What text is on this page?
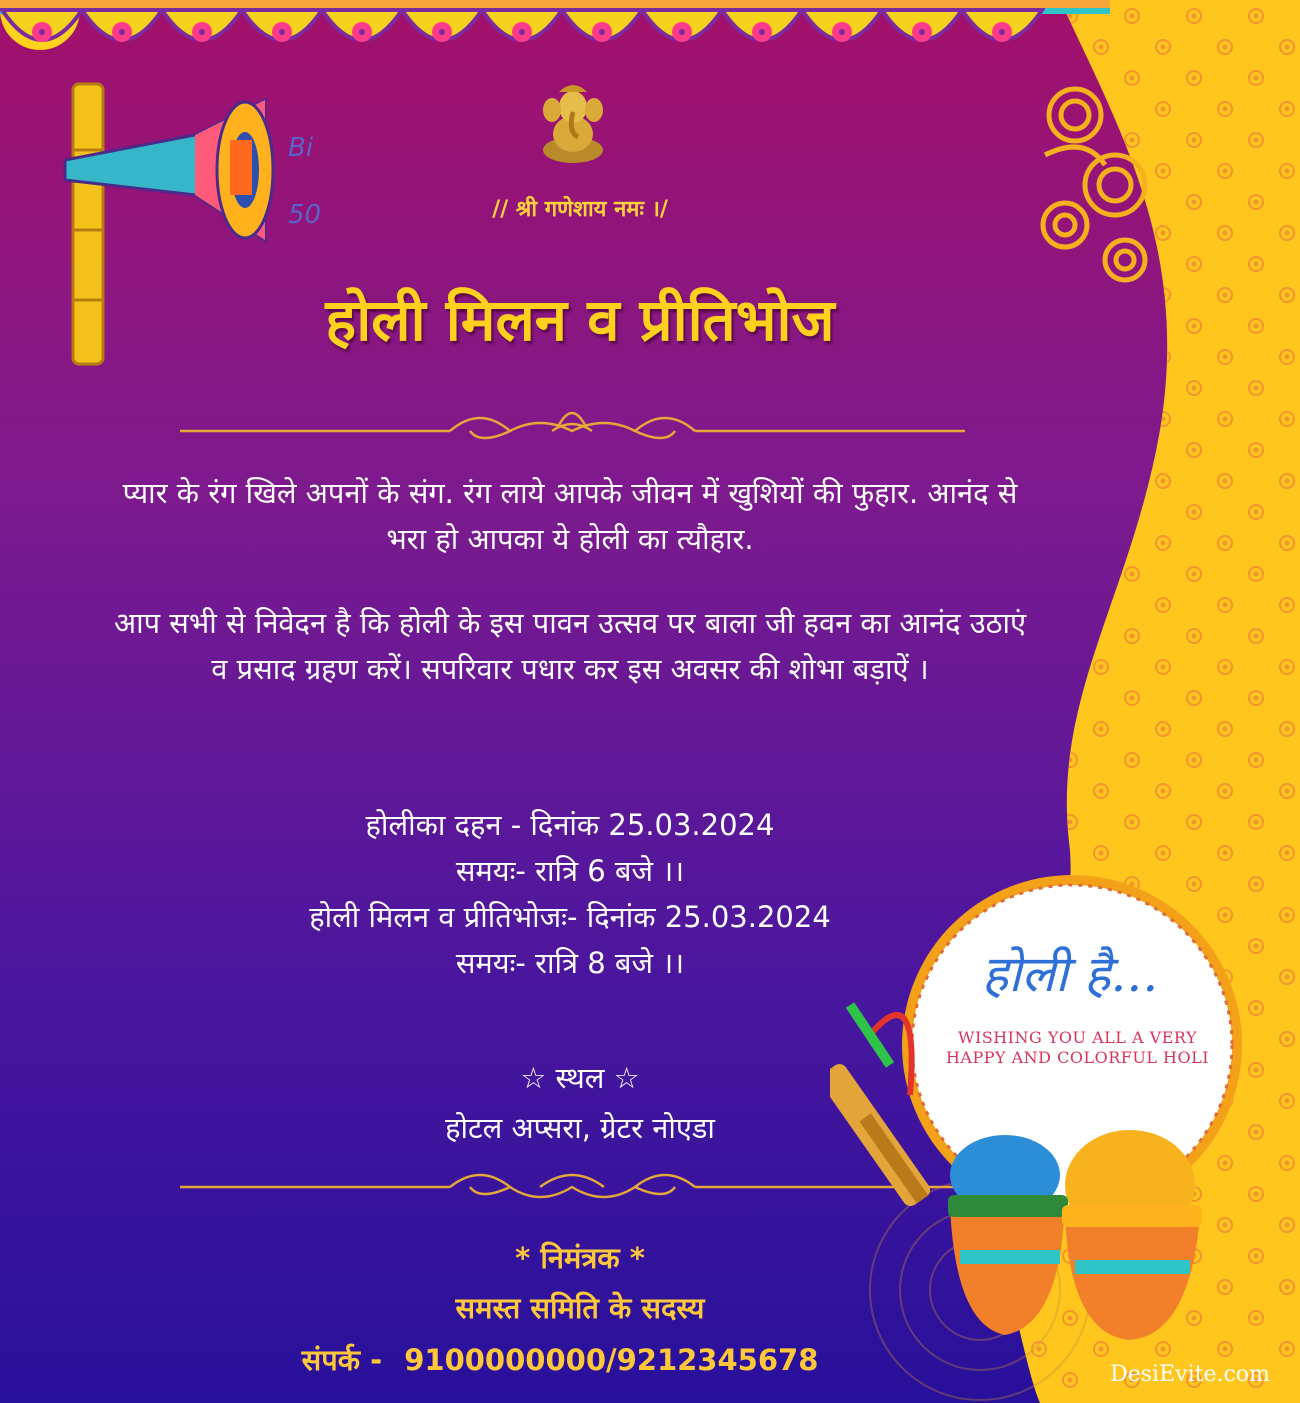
Bi
50
होली है...
WISHING YOU ALL A VERY
HAPPY AND COLORFUL HOLI
// श्री गणेशाय नमः ।/
होली मिलन व प्रीतिभोज
प्यार के रंग खिले अपनों के संग. रंग लाये आपके जीवन में खुशियों की फुहार. आनंद से भरा हो आपका ये होली का त्यौहार.
आप सभी से निवेदन है कि होली के इस पावन उत्सव पर बाला जी हवन का आनंद उठाएं व प्रसाद ग्रहण करें। सपरिवार पधार कर इस अवसर की शोभा बड़ाऐं ।
होलीका दहन - दिनांक 25.03.2024
समयः- रात्रि 6 बजे ।।
होली मिलन व प्रीतिभोजः- दिनांक 25.03.2024
समयः- रात्रि 8 बजे ।।
☆ स्थल ☆
होटल अप्सरा, ग्रेटर नोएडा
* निमंत्रक *
समस्त समिति के सदस्य
संपर्क - 9100000000/9212345678	DesiEvite.com
